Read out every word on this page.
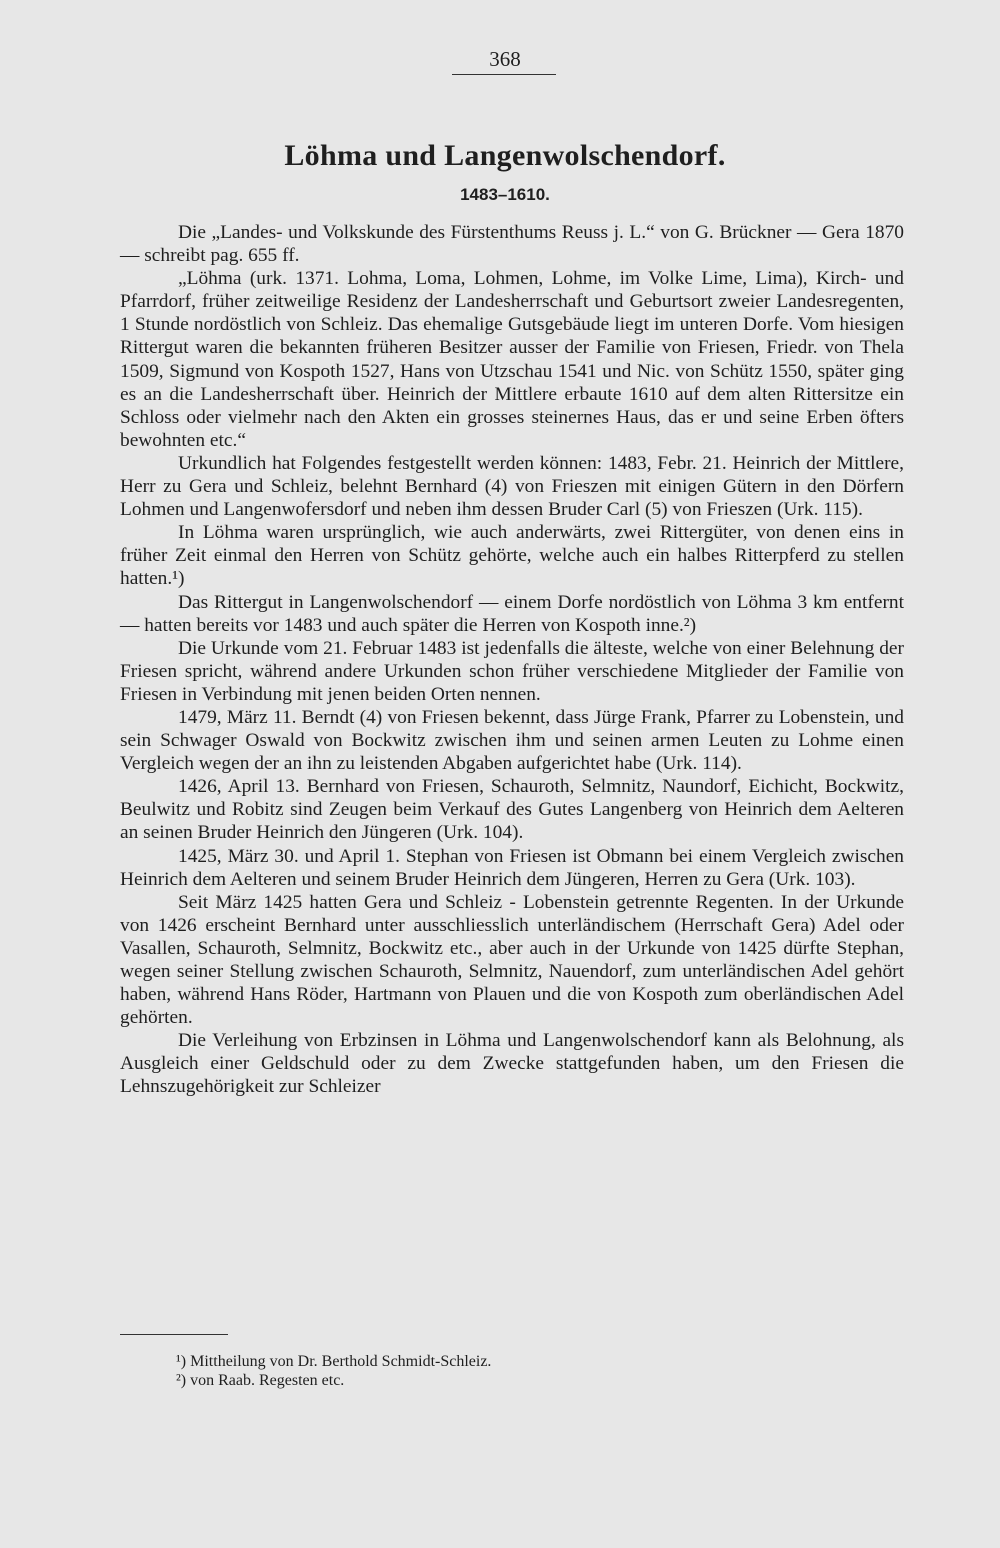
368
Löhma und Langenwolschendorf.
1483–1610.

Die „Landes- und Volkskunde des Fürstenthums Reuss j. L.“ von G. Brückner — Gera 1870 — schreibt pag. 655 ff.

„Löhma (urk. 1371. Lohma, Loma, Lohmen, Lohme, im Volke Lime, Lima), Kirch- und Pfarrdorf, früher zeitweilige Residenz der Landesherrschaft und Geburtsort zweier Landesregenten, 1 Stunde nordöstlich von Schleiz. Das ehemalige Gutsgebäude liegt im unteren Dorfe. Vom hiesigen Rittergut waren die bekannten früheren Besitzer ausser der Familie von Friesen, Friedr. von Thela 1509, Sigmund von Kospoth 1527, Hans von Utzschau 1541 und Nic. von Schütz 1550, später ging es an die Landesherrschaft über. Heinrich der Mittlere erbaute 1610 auf dem alten Rittersitze ein Schloss oder vielmehr nach den Akten ein grosses steinernes Haus, das er und seine Erben öfters bewohnten etc.“

Urkundlich hat Folgendes festgestellt werden können: 1483, Febr. 21. Heinrich der Mittlere, Herr zu Gera und Schleiz, belehnt Bernhard (4) von Frieszen mit einigen Gütern in den Dörfern Lohmen und Langenwofersdorf und neben ihm dessen Bruder Carl (5) von Frieszen (Urk. 115).

In Löhma waren ursprünglich, wie auch anderwärts, zwei Rittergüter, von denen eins in früher Zeit einmal den Herren von Schütz gehörte, welche auch ein halbes Ritterpferd zu stellen hatten.¹)

Das Rittergut in Langenwolschendorf — einem Dorfe nordöstlich von Löhma 3 km entfernt — hatten bereits vor 1483 und auch später die Herren von Kospoth inne.²)

Die Urkunde vom 21. Februar 1483 ist jedenfalls die älteste, welche von einer Belehnung der Friesen spricht, während andere Urkunden schon früher verschiedene Mitglieder der Familie von Friesen in Verbindung mit jenen beiden Orten nennen.

1479, März 11. Berndt (4) von Friesen bekennt, dass Jürge Frank, Pfarrer zu Lobenstein, und sein Schwager Oswald von Bockwitz zwischen ihm und seinen armen Leuten zu Lohme einen Vergleich wegen der an ihn zu leistenden Abgaben aufgerichtet habe (Urk. 114).

1426, April 13. Bernhard von Friesen, Schauroth, Selmnitz, Naundorf, Eichicht, Bockwitz, Beulwitz und Robitz sind Zeugen beim Verkauf des Gutes Langenberg von Heinrich dem Aelteren an seinen Bruder Heinrich den Jüngeren (Urk. 104).

1425, März 30. und April 1. Stephan von Friesen ist Obmann bei einem Vergleich zwischen Heinrich dem Aelteren und seinem Bruder Heinrich dem Jüngeren, Herren zu Gera (Urk. 103).

Seit März 1425 hatten Gera und Schleiz - Lobenstein getrennte Regenten. In der Urkunde von 1426 erscheint Bernhard unter ausschliesslich unterländischem (Herrschaft Gera) Adel oder Vasallen, Schauroth, Selmnitz, Bockwitz etc., aber auch in der Urkunde von 1425 dürfte Stephan, wegen seiner Stellung zwischen Schauroth, Selmnitz, Nauendorf, zum unterländischen Adel gehört haben, während Hans Röder, Hartmann von Plauen und die von Kospoth zum oberländischen Adel gehörten.

Die Verleihung von Erbzinsen in Löhma und Langenwolschendorf kann als Belohnung, als Ausgleich einer Geldschuld oder zu dem Zwecke stattgefunden haben, um den Friesen die Lehnszugehörigkeit zur Schleizer

¹) Mittheilung von Dr. Berthold Schmidt-Schleiz.
²) von Raab. Regesten etc.
